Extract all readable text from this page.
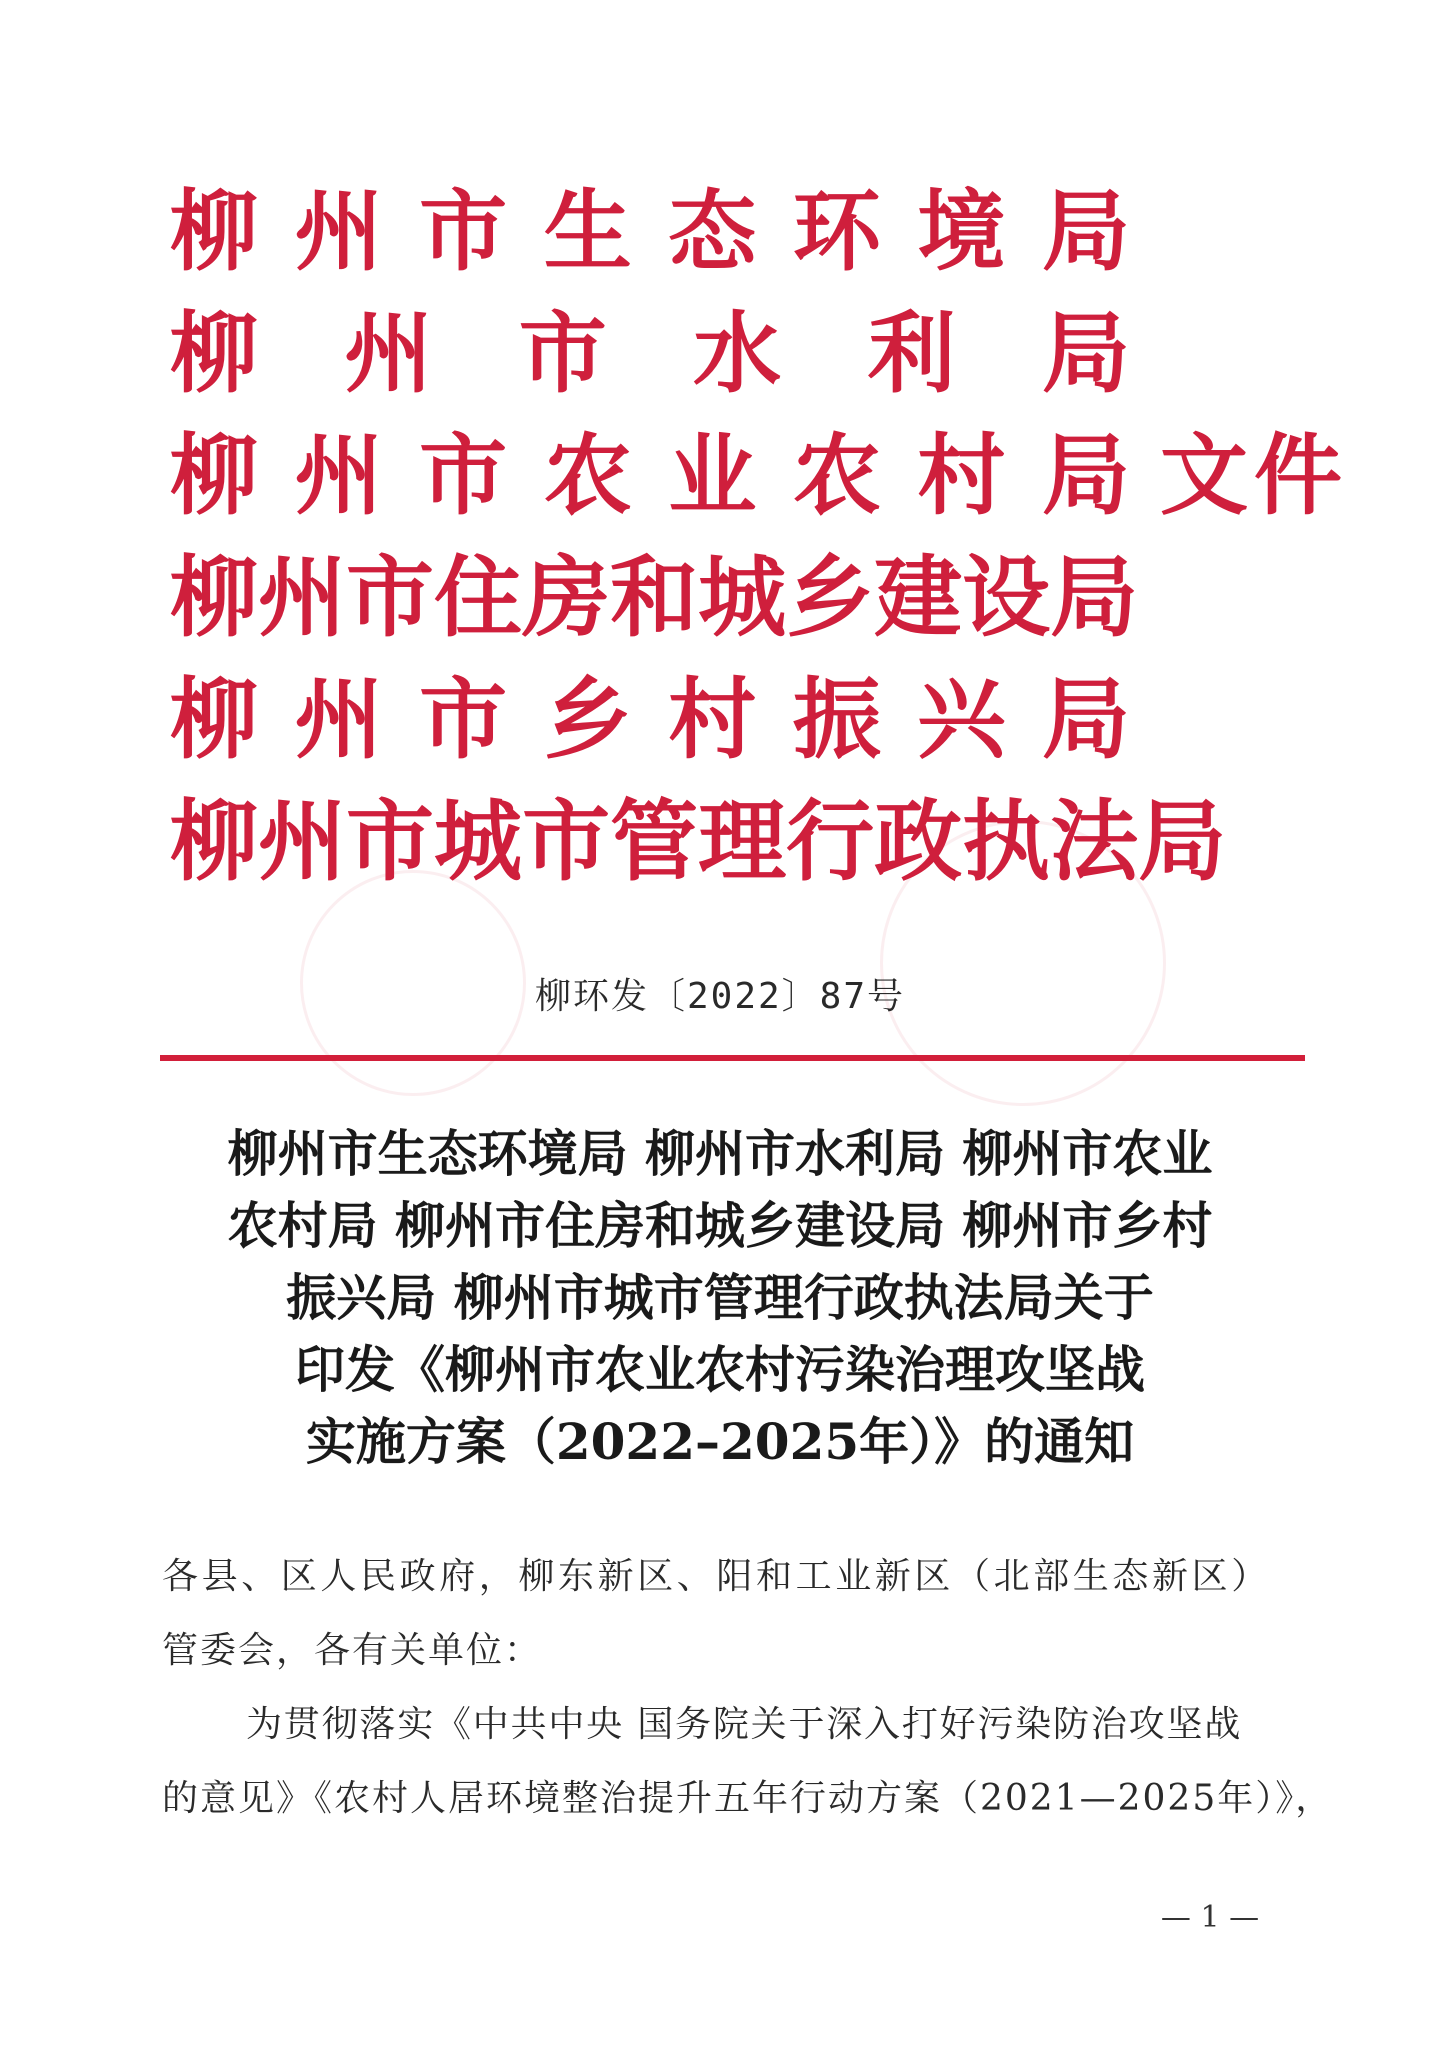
柳 州 市 生 态 环 境 局
柳 州 市 水 利 局
柳 州 市 农 业 农 村 局 文件
柳 州 市 住 房 和 城 乡 建 设 局
柳 州 市 乡 村 振 兴 局
柳 州 市 城 市 管 理 行 政 执 法 局
柳环发〔2022〕87号
柳州市生态环境局 柳州市水利局 柳州市农业
农村局 柳州市住房和城乡建设局 柳州市乡村
振兴局 柳州市城市管理行政执法局关于
印发《柳州市农业农村污染治理攻坚战
实施方案（2022–2025年）》的通知
各县、区人民政府，柳东新区、阳和工业新区（北部生态新区）
管委会，各有关单位：
为贯彻落实《中共中央 国务院关于深入打好污染防治攻坚战
的意见》《农村人居环境整治提升五年行动方案（2021—2025年）》，
— 1 —
